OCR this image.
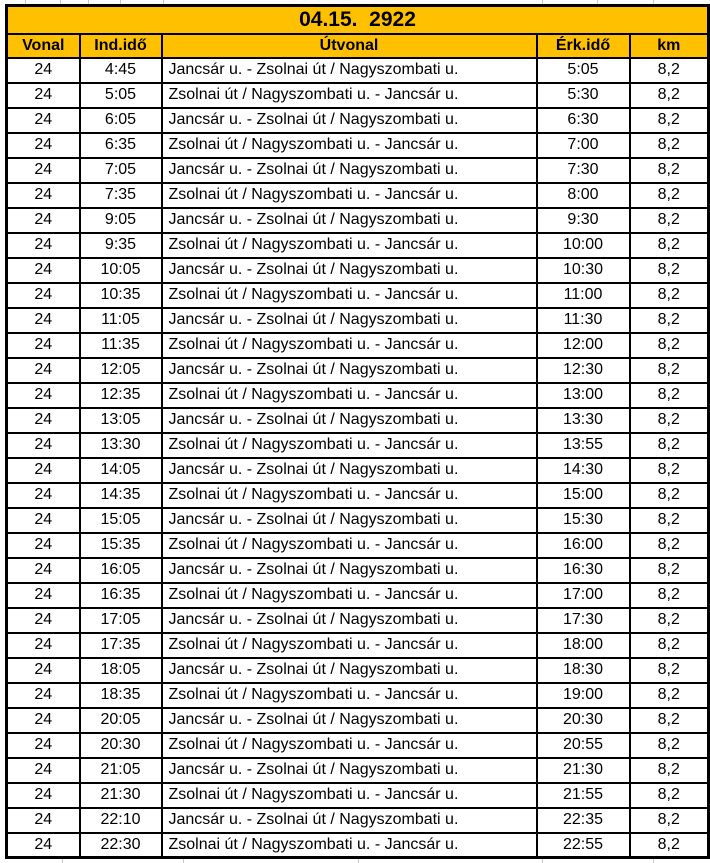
04.15.  2922				
Vonal	Ind.idő	Útvonal	Érk.idő	km
24	4:45	Jancsár u. - Zsolnai út / Nagyszombati u.	5:05	8,2
24	5:05	Zsolnai út / Nagyszombati u. - Jancsár u.	5:30	8,2
24	6:05	Jancsár u. - Zsolnai út / Nagyszombati u.	6:30	8,2
24	6:35	Zsolnai út / Nagyszombati u. - Jancsár u.	7:00	8,2
24	7:05	Jancsár u. - Zsolnai út / Nagyszombati u.	7:30	8,2
24	7:35	Zsolnai út / Nagyszombati u. - Jancsár u.	8:00	8,2
24	9:05	Jancsár u. - Zsolnai út / Nagyszombati u.	9:30	8,2
24	9:35	Zsolnai út / Nagyszombati u. - Jancsár u.	10:00	8,2
24	10:05	Jancsár u. - Zsolnai út / Nagyszombati u.	10:30	8,2
24	10:35	Zsolnai út / Nagyszombati u. - Jancsár u.	11:00	8,2
24	11:05	Jancsár u. - Zsolnai út / Nagyszombati u.	11:30	8,2
24	11:35	Zsolnai út / Nagyszombati u. - Jancsár u.	12:00	8,2
24	12:05	Jancsár u. - Zsolnai út / Nagyszombati u.	12:30	8,2
24	12:35	Zsolnai út / Nagyszombati u. - Jancsár u.	13:00	8,2
24	13:05	Jancsár u. - Zsolnai út / Nagyszombati u.	13:30	8,2
24	13:30	Zsolnai út / Nagyszombati u. - Jancsár u.	13:55	8,2
24	14:05	Jancsár u. - Zsolnai út / Nagyszombati u.	14:30	8,2
24	14:35	Zsolnai út / Nagyszombati u. - Jancsár u.	15:00	8,2
24	15:05	Jancsár u. - Zsolnai út / Nagyszombati u.	15:30	8,2
24	15:35	Zsolnai út / Nagyszombati u. - Jancsár u.	16:00	8,2
24	16:05	Jancsár u. - Zsolnai út / Nagyszombati u.	16:30	8,2
24	16:35	Zsolnai út / Nagyszombati u. - Jancsár u.	17:00	8,2
24	17:05	Jancsár u. - Zsolnai út / Nagyszombati u.	17:30	8,2
24	17:35	Zsolnai út / Nagyszombati u. - Jancsár u.	18:00	8,2
24	18:05	Jancsár u. - Zsolnai út / Nagyszombati u.	18:30	8,2
24	18:35	Zsolnai út / Nagyszombati u. - Jancsár u.	19:00	8,2
24	20:05	Jancsár u. - Zsolnai út / Nagyszombati u.	20:30	8,2
24	20:30	Zsolnai út / Nagyszombati u. - Jancsár u.	20:55	8,2
24	21:05	Jancsár u. - Zsolnai út / Nagyszombati u.	21:30	8,2
24	21:30	Zsolnai út / Nagyszombati u. - Jancsár u.	21:55	8,2
24	22:10	Jancsár u. - Zsolnai út / Nagyszombati u.	22:35	8,2
24	22:30	Zsolnai út / Nagyszombati u. - Jancsár u.	22:55	8,2
